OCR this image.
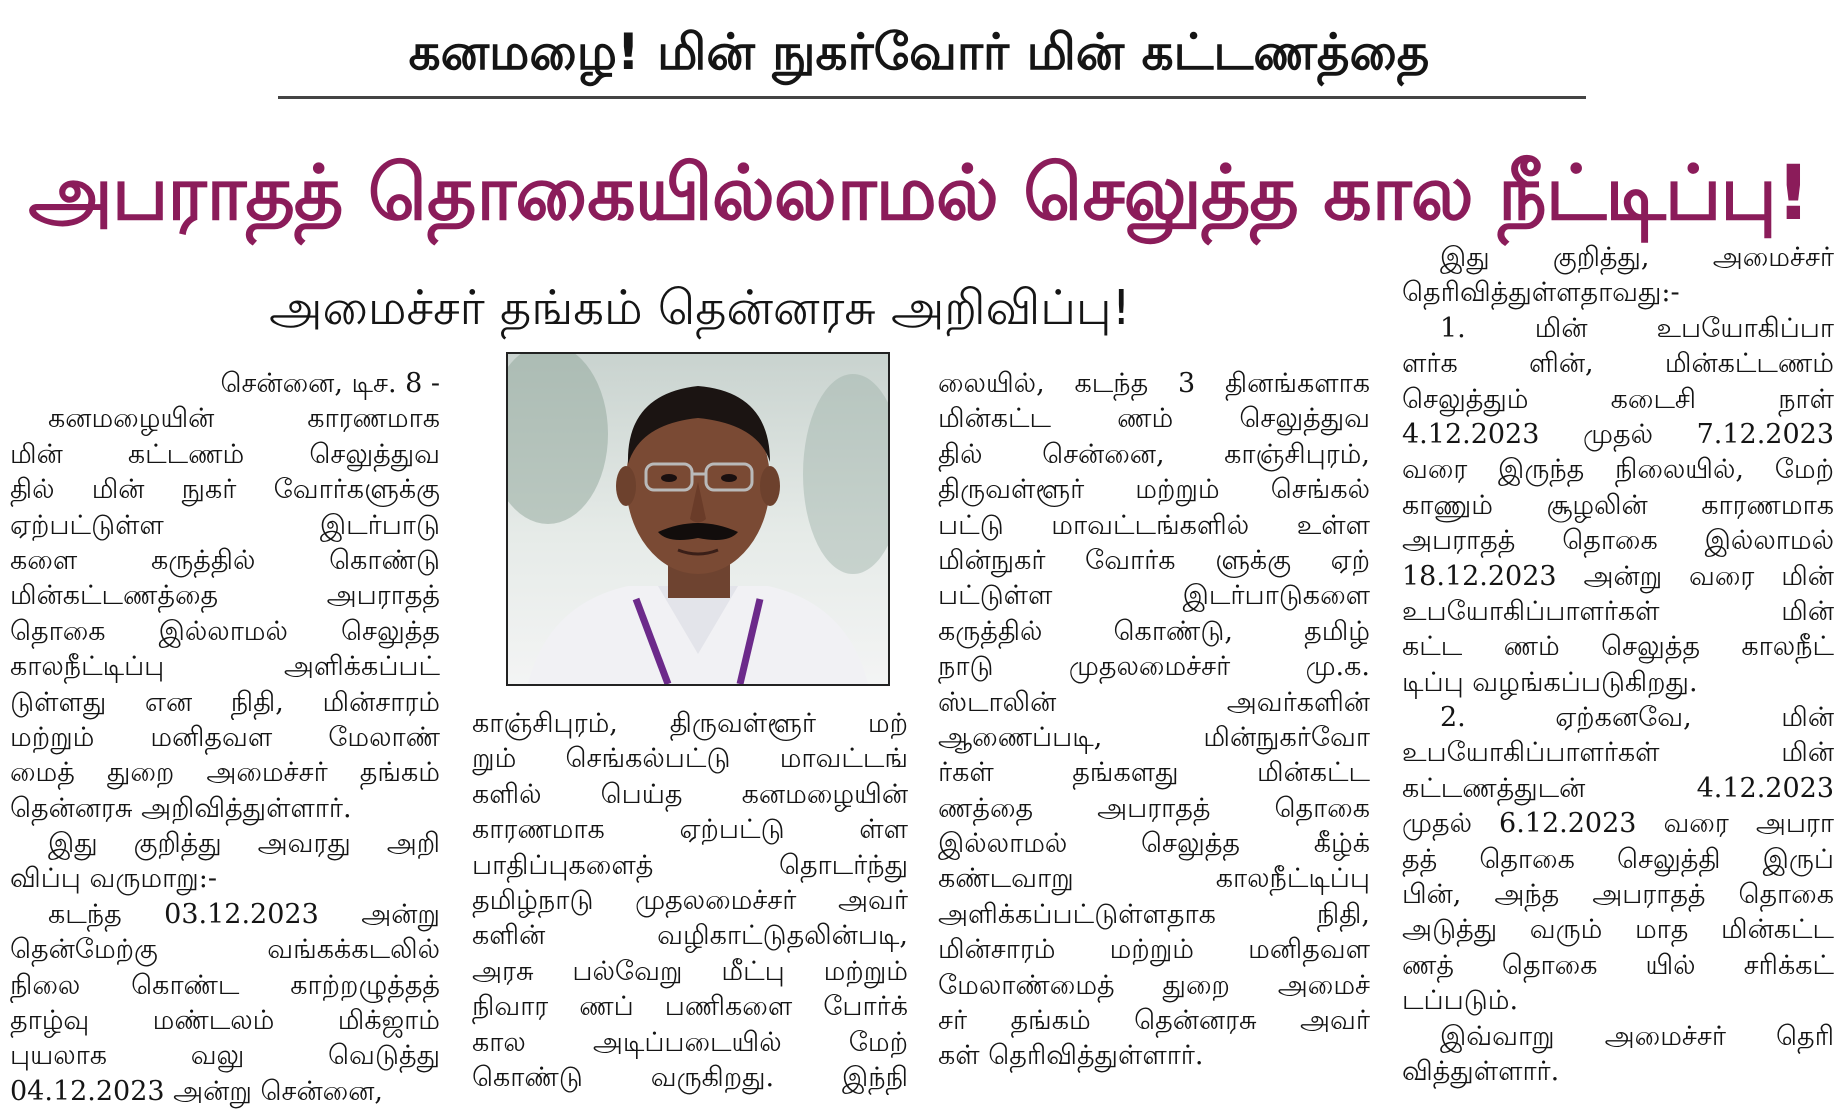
கனமழை! மின் நுகர்வோர் மின் கட்டணத்தை
அபராதத் தொகையில்லாமல் செலுத்த கால நீட்டிப்பு!
அமைச்சர் தங்கம் தென்னரசு அறிவிப்பு!
சென்னை, டிச. 8 -
கனமழையின் காரணமாக
மின் கட்டணம் செலுத்துவ
தில் மின் நுகர் வோர்களுக்கு
ஏற்பட்டுள்ள இடர்பாடு
களை கருத்தில் கொண்டு
மின்கட்டணத்தை அபராதத்
தொகை இல்லாமல் செலுத்த
காலநீட்டிப்பு அளிக்கப்பட்
டுள்ளது என நிதி, மின்சாரம்
மற்றும் மனிதவள மேலாண்
மைத் துறை அமைச்சர் தங்கம்
தென்னரசு அறிவித்துள்ளார்.
இது குறித்து அவரது அறி
விப்பு வருமாறு:-
கடந்த 03.12.2023 அன்று
தென்மேற்கு வங்கக்கடலில்
நிலை கொண்ட காற்றழுத்தத்
தாழ்வு மண்டலம் மிக்ஜாம்
புயலாக வலு வெடுத்து
04.12.2023 அன்று சென்னை,
காஞ்சிபுரம், திருவள்ளூர் மற்
றும் செங்கல்பட்டு மாவட்டங்
களில் பெய்த கனமழையின்
காரணமாக ஏற்பட்டு ள்ள
பாதிப்புகளைத் தொடர்ந்து
தமிழ்நாடு முதலமைச்சர் அவர்
களின் வழிகாட்டுதலின்படி,
அரசு பல்வேறு மீட்பு மற்றும்
நிவார ணப் பணிகளை போர்க்
கால அடிப்படையில் மேற்
கொண்டு வருகிறது. இந்நி
லையில், கடந்த 3 தினங்களாக
மின்கட்ட ணம் செலுத்துவ
தில் சென்னை, காஞ்சிபுரம்,
திருவள்ளூர் மற்றும் செங்கல்
பட்டு மாவட்டங்களில் உள்ள
மின்நுகர் வோர்க ளுக்கு ஏற்
பட்டுள்ள இடர்பாடுகளை
கருத்தில் கொண்டு, தமிழ்
நாடு முதலமைச்சர் மு.க.
ஸ்டாலின் அவர்களின்
ஆணைப்படி, மின்நுகர்வோ
ர்கள் தங்களது மின்கட்ட
ணத்தை அபராதத் தொகை
இல்லாமல் செலுத்த கீழ்க்
கண்டவாறு காலநீட்டிப்பு
அளிக்கப்பட்டுள்ளதாக நிதி,
மின்சாரம் மற்றும் மனிதவள
மேலாண்மைத் துறை அமைச்
சர் தங்கம் தென்னரசு அவர்
கள் தெரிவித்துள்ளார்.
இது குறித்து, அமைச்சர்
தெரிவித்துள்ளதாவது:-
1. மின் உபயோகிப்பா
ளர்க ளின், மின்கட்டணம்
செலுத்தும் கடைசி நாள்
4.12.2023 முதல் 7.12.2023
வரை இருந்த நிலையில், மேற்
காணும் சூழலின் காரணமாக
அபராதத் தொகை இல்லாமல்
18.12.2023 அன்று வரை மின்
உபயோகிப்பாளர்கள் மின்
கட்ட ணம் செலுத்த காலநீட்
டிப்பு வழங்கப்படுகிறது.
2. ஏற்கனவே, மின்
உபயோகிப்பாளர்கள் மின்
கட்டணத்துடன் 4.12.2023
முதல் 6.12.2023 வரை அபரா
தத் தொகை செலுத்தி இருப்
பின், அந்த அபராதத் தொகை
அடுத்து வரும் மாத மின்கட்ட
ணத் தொகை யில் சரிக்கட்
டப்படும்.
இவ்வாறு அமைச்சர் தெரி
வித்துள்ளார்.
